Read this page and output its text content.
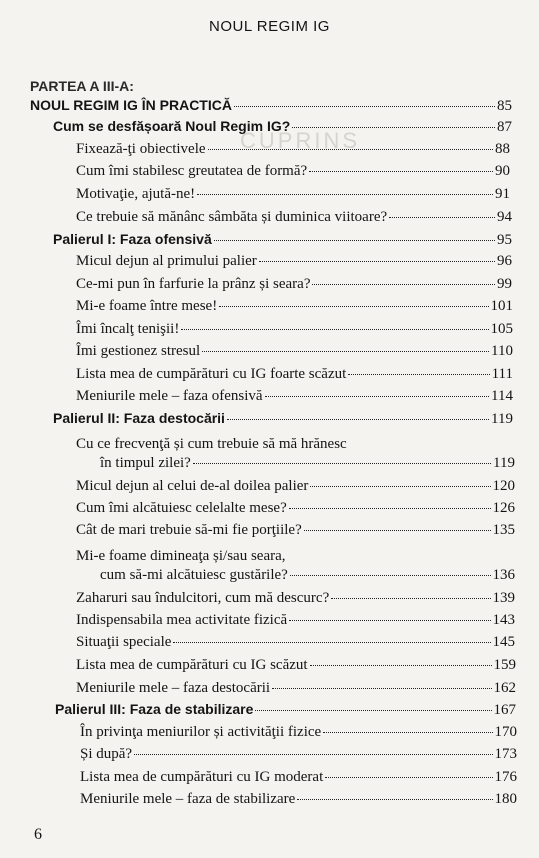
CUPRINS
NOUL REGIM IG
PARTEA A III-A:
NOUL REGIM IG ÎN PRACTICĂ	85
Cum se desfășoară Noul Regim IG?	87
Fixează-ţi obiectivele	88
Cum îmi stabilesc greutatea de formă?	90
Motivaţie, ajută-ne!	91
Ce trebuie să mănânc sâmbăta și duminica viitoare?	94
Palierul I: Faza ofensivă	95
Micul dejun al primului palier	96
Ce-mi pun în farfurie la prânz și seara?	99
Mi-e foame între mese!	101
Îmi încalţ tenişii!	105
Îmi gestionez stresul	110
Lista mea de cumpărături cu IG foarte scăzut	111
Meniurile mele – faza ofensivă	114
Palierul II: Faza destocării	119
Cu ce frecvenţă și cum trebuie să mă hrănesc
în timpul zilei?	119
Micul dejun al celui de-al doilea palier	120
Cum îmi alcătuiesc celelalte mese?	126
Cât de mari trebuie să-mi fie porţiile?	135
Mi-e foame dimineaţa și/sau seara,
cum să-mi alcătuiesc gustările?	136
Zaharuri sau îndulcitori, cum mă descurc?	139
Indispensabila mea activitate fizică	143
Situaţii speciale	145
Lista mea de cumpărături cu IG scăzut	159
Meniurile mele – faza destocării	162
Palierul III: Faza de stabilizare	167
În privinţa meniurilor și activităţii fizice	170
Și după?	173
Lista mea de cumpărături cu IG moderat	176
Meniurile mele – faza de stabilizare	180
6
